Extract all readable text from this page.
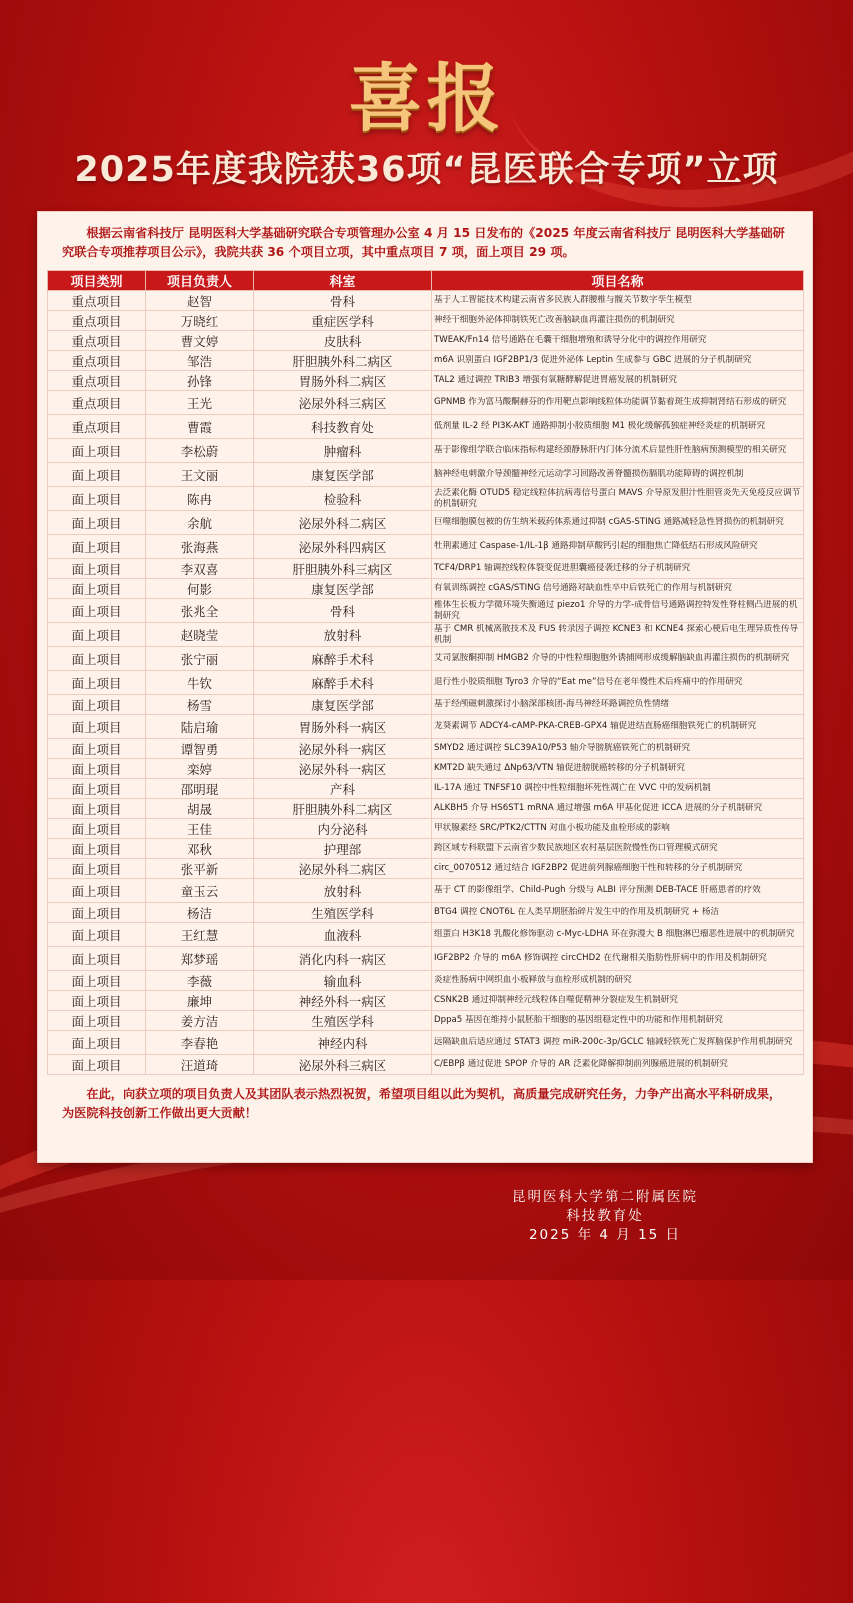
喜报
2025年度我院获36项“昆医联合专项”立项
根据云南省科技厅 昆明医科大学基础研究联合专项管理办公室 4 月 15 日发布的《2025 年度云南省科技厅 昆明医科大学基础研究联合专项推荐项目公示》，我院共获 36 个项目立项，其中重点项目 7 项，面上项目 29 项。
项目类别	项目负责人	科室	项目名称
重点项目	赵智	骨科	基于人工智能技术构建云南省多民族人群腰椎与髋关节数字孪生模型

重点项目	万晓红	重症医学科	神经干细胞外泌体抑制铁死亡改善脑缺血再灌注损伤的机制研究

重点项目	曹文婷	皮肤科	TWEAK/Fn14 信号通路在毛囊干细胞增殖和诱导分化中的调控作用研究

重点项目	邹浩	肝胆胰外科二病区	m6A 识别蛋白 IGF2BP1/3 促进外泌体 Leptin 生成参与 GBC 进展的分子机制研究

重点项目	孙锋	胃肠外科二病区	TAL2 通过调控 TRIB3 增强有氧糖酵解促进胃癌发展的机制研究

重点项目	王光	泌尿外科三病区	GPNMB 作为富马酸酮赫芬的作用靶点影响线粒体功能调节黏着斑生成抑制肾结石形成的研究

重点项目	曹霞	科技教育处	低剂量 IL-2 经 PI3K-AKT 通路抑制小胶质细胞 M1 极化缓解孤独症神经炎症的机制研究

面上项目	李松蔚	肿瘤科	基于影像组学联合临床指标构建经颈静脉肝内门体分流术后显性肝性脑病预测模型的相关研究

面上项目	王文丽	康复医学部	脑神经电刺激介导颈髓神经元运动学习回路改善脊髓损伤膈肌功能障碍的调控机制

面上项目	陈冉	检验科	去泛素化酶 OTUD5 稳定线粒体抗病毒信号蛋白 MAVS 介导原发胆汁性胆管炎先天免疫反应调节的机制研究

面上项目	余航	泌尿外科二病区	巨噬细胞膜包被的仿生纳米载药体系通过抑制 cGAS-STING 通路减轻急性肾损伤的机制研究

面上项目	张海燕	泌尿外科四病区	牡荆素通过 Caspase-1/IL-1β 通路抑制草酸钙引起的细胞焦亡降低结石形成风险研究

面上项目	李双喜	肝胆胰外科三病区	TCF4/DRP1 轴调控线粒体裂变促进胆囊癌侵袭迁移的分子机制研究

面上项目	何影	康复医学部	有氧训练调控 cGAS/STING 信号通路对缺血性卒中后铁死亡的作用与机制研究

面上项目	张兆全	骨科	椎体生长板力学微环境失衡通过 piezo1 介导的力学-成骨信号通路调控特发性脊柱侧凸进展的机制研究

面上项目	赵晓莹	放射科	基于 CMR 机械离散技术及 FUS 转录因子调控 KCNE3 和 KCNE4 探索心梗后电生理异质性传导机制

面上项目	张宁丽	麻醉手术科	艾司氯胺酮抑制 HMGB2 介导的中性粒细胞胞外诱捕网形成缓解脑缺血再灌注损伤的机制研究

面上项目	牛钦	麻醉手术科	退行性小胶质细胞 Tyro3 介导的“Eat me”信号在老年慢性术后疼痛中的作用研究

面上项目	杨雪	康复医学部	基于经颅磁刺激探讨小脑深部核团-海马神经环路调控负性情绪

面上项目	陆启瑜	胃肠外科一病区	龙葵素调节 ADCY4-cAMP-PKA-CREB-GPX4 轴促进结直肠癌细胞铁死亡的机制研究

面上项目	谭智勇	泌尿外科一病区	SMYD2 通过调控 SLC39A10/P53 轴介导膀胱癌铁死亡的机制研究

面上项目	栾婷	泌尿外科一病区	KMT2D 缺失通过 ΔNp63/VTN 轴促进膀胱癌转移的分子机制研究

面上项目	邵明琨	产科	IL-17A 通过 TNFSF10 调控中性粒细胞坏死性凋亡在 VVC 中的发病机制

面上项目	胡晟	肝胆胰外科二病区	ALKBH5 介导 HS6ST1 mRNA 通过增强 m6A 甲基化促进 ICCA 进展的分子机制研究

面上项目	王佳	内分泌科	甲状腺素经 SRC/PTK2/CTTN 对血小板功能及血栓形成的影响

面上项目	邓秋	护理部	跨区域专科联盟下云南省少数民族地区农村基层医院慢性伤口管理模式研究

面上项目	张平新	泌尿外科二病区	circ_0070512 通过结合 IGF2BP2 促进前列腺癌细胞干性和转移的分子机制研究

面上项目	童玉云	放射科	基于 CT 的影像组学、Child-Pugh 分级与 ALBI 评分预测 DEB-TACE 肝癌患者的疗效

面上项目	杨洁	生殖医学科	BTG4 调控 CNOT6L 在人类早期胚胎碎片发生中的作用及机制研究 + 杨洁

面上项目	王红慧	血液科	组蛋白 H3K18 乳酸化修饰驱动 c-Myc-LDHA 环在弥漫大 B 细胞淋巴瘤恶性进展中的机制研究

面上项目	郑梦瑶	消化内科一病区	IGF2BP2 介导的 m6A 修饰调控 circCHD2 在代谢相关脂肪性肝病中的作用及机制研究

面上项目	李薇	输血科	炎症性肠病中网织血小板释放与血栓形成机制的研究

面上项目	廉坤	神经外科一病区	CSNK2B 通过抑制神经元线粒体自噬促精神分裂症发生机制研究

面上项目	姜方洁	生殖医学科	Dppa5 基因在维持小鼠胚胎干细胞的基因组稳定性中的功能和作用机制研究

面上项目	李春艳	神经内科	远隔缺血后适应通过 STAT3 调控 miR-200c-3p/GCLC 轴减轻铁死亡发挥脑保护作用机制研究

面上项目	汪道琦	泌尿外科三病区	C/EBPβ 通过促进 SPOP 介导的 AR 泛素化降解抑制前列腺癌进展的机制研究
在此，向获立项的项目负责人及其团队表示热烈祝贺，希望项目组以此为契机，高质量完成研究任务，力争产出高水平科研成果，为医院科技创新工作做出更大贡献！
昆明医科大学第二附属医院
科技教育处
2025 年 4 月 15 日
